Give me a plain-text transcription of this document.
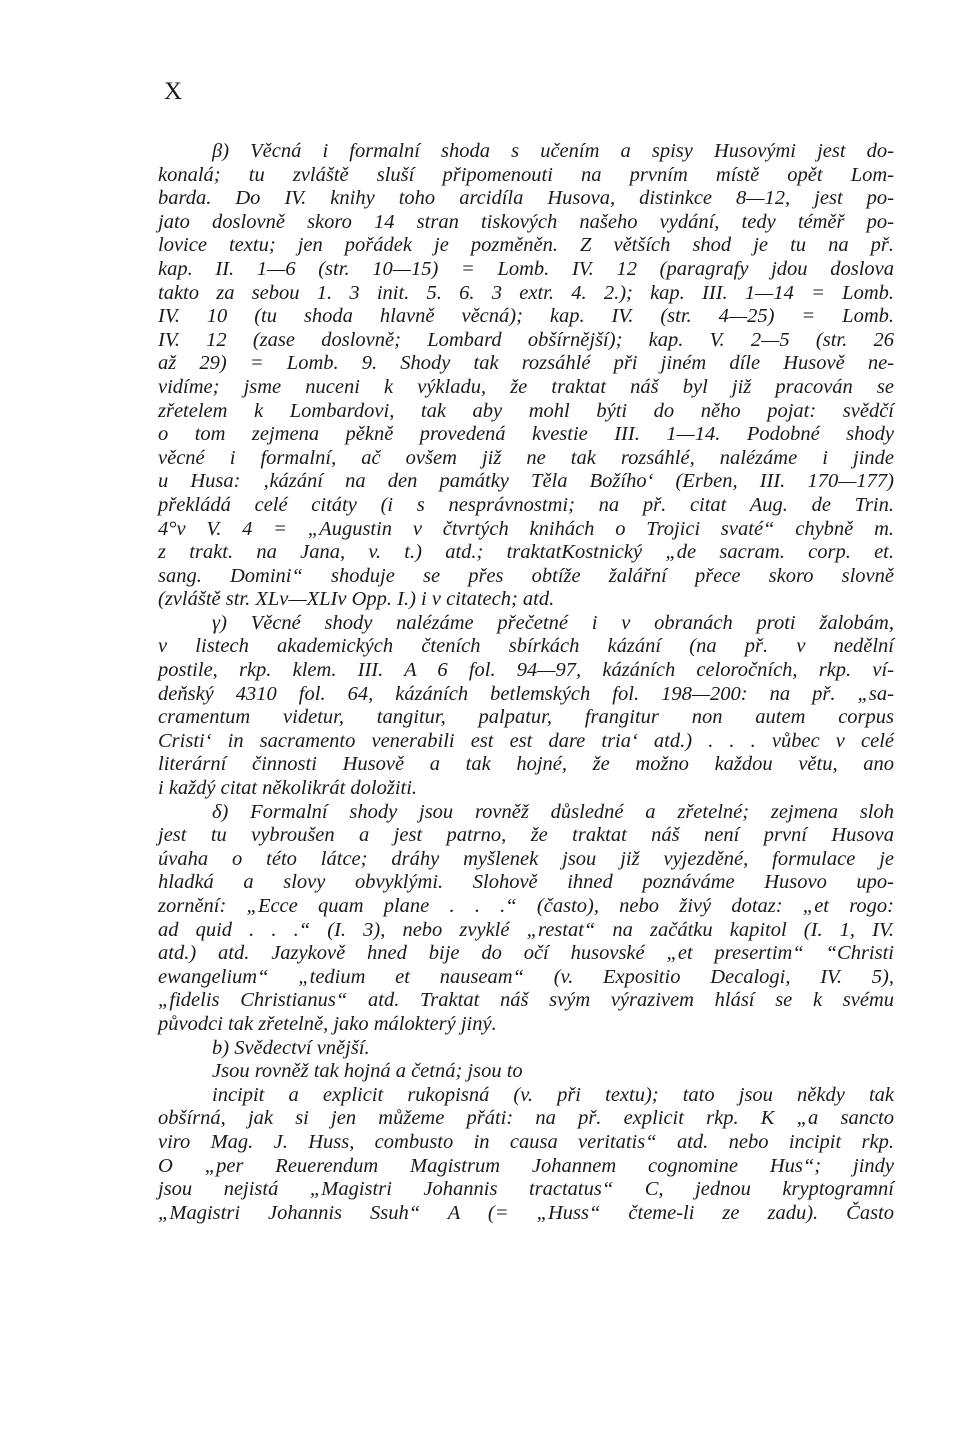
X
β) Věcná i formalní shoda s učením a spisy Husovými jest do-
konalá; tu zvláště sluší připomenouti na prvním místě opět Lom-
barda. Do IV. knihy toho arcidíla Husova, distinkce 8—12, jest po-
jato doslovně skoro 14 stran tiskových našeho vydání, tedy téměř po-
lovice textu; jen pořádek je pozměněn. Z větších shod je tu na př.
kap. II. 1—6 (str. 10—15) = Lomb. IV. 12 (paragrafy jdou doslova
takto za sebou 1. 3 init. 5. 6. 3 extr. 4. 2.); kap. III. 1—14 = Lomb.
IV. 10 (tu shoda hlavně věcná); kap. IV. (str. 4—25) = Lomb.
IV. 12 (zase doslovně; Lombard obšírnější); kap. V. 2—5 (str. 26
až 29) = Lomb. 9. Shody tak rozsáhlé při jiném díle Husově ne-
vidíme; jsme nuceni k výkladu, že traktat náš byl již pracován se
zřetelem k Lombardovi, tak aby mohl býti do něho pojat: svědčí
o tom zejmena pěkně provedená kvestie III. 1—14. Podobné shody
věcné i formalní, ač ovšem již ne tak rozsáhlé, nalézáme i jinde
u Husa: ‚kázání na den památky Těla Božího‘ (Erben, III. 170—177)
překládá celé citáty (i s nesprávnostmi; na př. citat Aug. de Trin.
4°v V. 4 = „Augustin v čtvrtých knihách o Trojici svaté“ chybně m.
z trakt. na Jana, v. t.) atd.; traktatKostnický „de sacram. corp. et.
sang. Domini“ shoduje se přes obtíže žalářní přece skoro slovně
(zvláště str. XLv—XLIv Opp. I.) i v citatech; atd.
γ) Věcné shody nalézáme přečetné i v obranách proti žalobám,
v listech akademických čteních sbírkách kázání (na př. v nedělní
postile, rkp. klem. III. A 6 fol. 94—97, kázáních celoročních, rkp. ví-
deňský 4310 fol. 64, kázáních betlemských fol. 198—200: na př. „sa-
cramentum videtur, tangitur, palpatur, frangitur non autem corpus
Cristi‘ in sacramento venerabili est est dare tria‘ atd.) . . . vůbec v celé
literární činnosti Husově a tak hojné, že možno každou větu, ano
i každý citat několikrát doložiti.
δ) Formalní shody jsou rovněž důsledné a zřetelné; zejmena sloh
jest tu vybroušen a jest patrno, že traktat náš není první Husova
úvaha o této látce; dráhy myšlenek jsou již vyjezděné, formulace je
hladká a slovy obvyklými. Slohově ihned poznáváme Husovo upo-
zornění: „Ecce quam plane . . .“ (často), nebo živý dotaz: „et rogo:
ad quid . . .“ (I. 3), nebo zvyklé „restat“ na začátku kapitol (I. 1, IV.
atd.) atd. Jazykově hned bije do očí husovské „et presertim“ “Christi
ewangelium“ „tedium et nauseam“ (v. Expositio Decalogi, IV. 5),
„fidelis Christianus“ atd. Traktat náš svým výrazivem hlásí se k svému
původci tak zřetelně, jako málokterý jiný.
b) Svědectví vnější.
Jsou rovněž tak hojná a četná; jsou to
incipit a explicit rukopisná (v. při textu); tato jsou někdy tak
obšírná, jak si jen můžeme přáti: na př. explicit rkp. K „a sancto
viro Mag. J. Huss, combusto in causa veritatis“ atd. nebo incipit rkp.
O „per Reuerendum Magistrum Johannem cognomine Hus“; jindy
jsou nejistá „Magistri Johannis tractatus“ C, jednou kryptogramní
„Magistri Johannis Ssuh“ A (= „Huss“ čteme-li ze zadu). Často
